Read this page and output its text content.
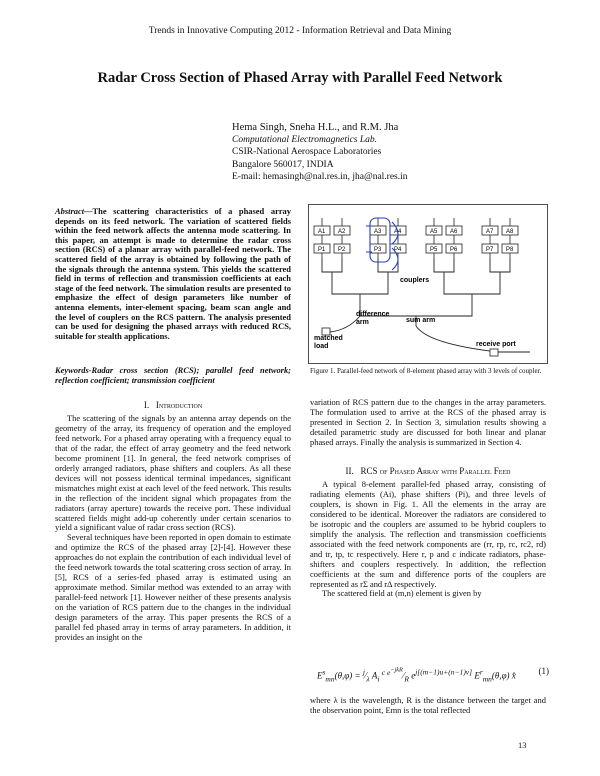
Trends in Innovative Computing 2012 - Information Retrieval and Data Mining
Radar Cross Section of Phased Array with Parallel Feed Network
Hema Singh, Sneha H.L., and R.M. Jha
Computational Electromagnetics Lab.
CSIR-National Aerospace Laboratories
Bangalore 560017, INDIA
E-mail: hemasingh@nal.res.in, jha@nal.res.in
Abstract—The scattering characteristics of a phased array depends on its feed network. The variation of scattered fields within the feed network affects the antenna mode scattering. In this paper, an attempt is made to determine the radar cross section (RCS) of a planar array with parallel-feed network. The scattered field of the array is obtained by following the path of the signals through the antenna system. This yields the scattered field in terms of reflection and transmission coefficients at each stage of the feed network. The simulation results are presented to emphasize the effect of design parameters like number of antenna elements, inter-element spacing, beam scan angle and the level of couplers on the RCS pattern. The analysis presented can be used for designing the phased arrays with reduced RCS, suitable for stealth applications.
Keywords-Radar cross section (RCS); parallel feed network; reflection coefficient; transmission coefficient
I. Introduction

The scattering of the signals by an antenna array depends on the geometry of the array, its frequency of operation and the employed feed network. For a phased array operating with a frequency equal to that of the radar, the effect of array geometry and the feed network become prominent [1]. In general, the feed network comprises of orderly arranged radiators, phase shifters and couplers. As all these devices will not possess identical terminal impedances, significant mismatches might exist at each level of the feed network. This results in the reflection of the incident signal which propagates from the radiators (array aperture) towards the receive port. These individual scattered fields might add-up coherently under certain scenarios to yield a significant value of radar cross section (RCS).

Several techniques have been reported in open domain to estimate and optimize the RCS of the phased array [2]-[4]. However these approaches do not explain the contribution of each individual level of the feed network towards the total scattering cross section of array. In [5], RCS of a series-fed phased array is estimated using an approximate method. Similar method was extended to an array with parallel-feed network [1]. However neither of these presents analysis on the variation of RCS pattern due to the changes in the individual design parameters of the array. This paper presents the RCS of a parallel fed phased array in terms of array parameters. In addition, it provides an insight on the

A1
P1
A2
P2
A3
P3
A4
P4
A5
P5
A6
P6
A7
P7
A8
P8
couplers
difference arm	sum arm
matched load	receive port
Figure 1. Parallel-feed network of 8-element phased array with 3 levels of coupler.
variation of RCS pattern due to the changes in the array parameters. The formulation used to arrive at the RCS of the phased array is presented in Section 2. In Section 3, simulation results showing a detailed parametric study are discussed for both linear and planar phased arrays. Finally the analysis is summarized in Section 4.
II. RCS of Phased Array with Parallel Feed

A typical 8-element parallel-fed phased array, consisting of radiating elements (Ai), phase shifters (Pi), and three levels of couplers, is shown in Fig. 1. All the elements in the array are considered to be identical. Moreover the radiators are considered to be isotropic and the couplers are assumed to be hybrid couplers to simplify the analysis. The reflection and transmission coefficients associated with the feed network components are (rr, rp, rc, rc2, rd) and tr, tp, tc respectively. Here r, p and c indicate radiators, phase-shifters and couplers respectively. In addition, the reflection coefficients at the sum and difference ports of the couplers are represented as rΣ and rΔ respectively.

The scattered field at (m,n) element is given by

$E^s_{mn}(\theta,\varphi)$ = $^j⁄_\lambda$ $A_i$ $^{c e^{-jkR}}⁄_R$ $e^{j[(m-1)u+(n-1)v]}$ $E^r_{mn}(\theta,\varphi)$ x̂	(1)
where λ is the wavelength, R is the distance between the target and the observation point, Emn is the total reflected
13
